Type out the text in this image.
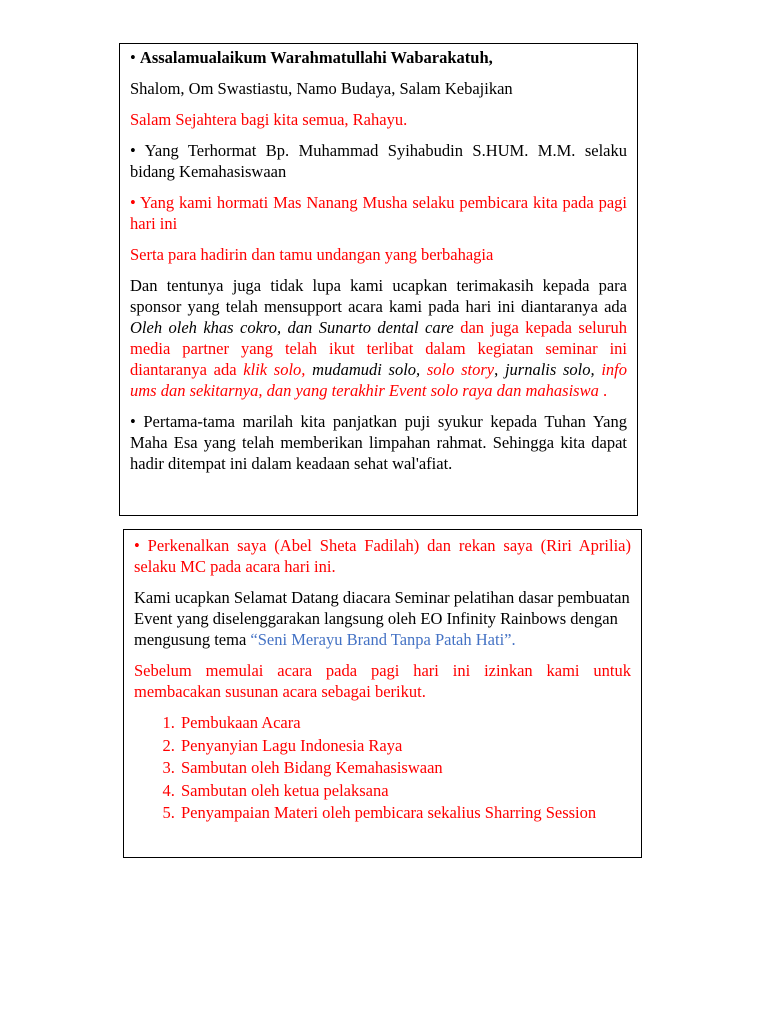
• Assalamualaikum Warahmatullahi Wabarakatuh,

Shalom, Om Swastiastu, Namo Budaya, Salam Kebajikan

Salam Sejahtera bagi kita semua, Rahayu.

• Yang Terhormat Bp. Muhammad Syihabudin S.HUM. M.M. selaku bidang Kemahasiswaan

• Yang kami hormati Mas Nanang Musha selaku pembicara kita pada pagi hari ini

Serta para hadirin dan tamu undangan yang berbahagia

Dan tentunya juga tidak lupa kami ucapkan terimakasih kepada para sponsor yang telah mensupport acara kami pada hari ini diantaranya ada Oleh oleh khas cokro, dan Sunarto dental care dan juga kepada seluruh media partner yang telah ikut terlibat dalam kegiatan seminar ini diantaranya ada klik solo, mudamudi solo, solo story, jurnalis solo, info ums dan sekitarnya, dan yang terakhir Event solo raya dan mahasiswa .

• Pertama-tama marilah kita panjatkan puji syukur kepada Tuhan Yang Maha Esa yang telah memberikan limpahan rahmat. Sehingga kita dapat hadir ditempat ini dalam keadaan sehat wal'afiat.

• Perkenalkan saya (Abel Sheta Fadilah) dan rekan saya (Riri Aprilia) selaku MC pada acara hari ini.

Kami ucapkan Selamat Datang diacara Seminar pelatihan dasar pembuatan Event yang diselenggarakan langsung oleh EO Infinity Rainbows dengan mengusung tema “Seni Merayu Brand Tanpa Patah Hati”.

Sebelum memulai acara pada pagi hari ini izinkan kami untuk membacakan susunan acara sebagai berikut.

1. Pembukaan Acara
2. Penyanyian Lagu Indonesia Raya
3. Sambutan oleh Bidang Kemahasiswaan
4. Sambutan oleh ketua pelaksana
5. Penyampaian Materi oleh pembicara sekalius Sharring Session
